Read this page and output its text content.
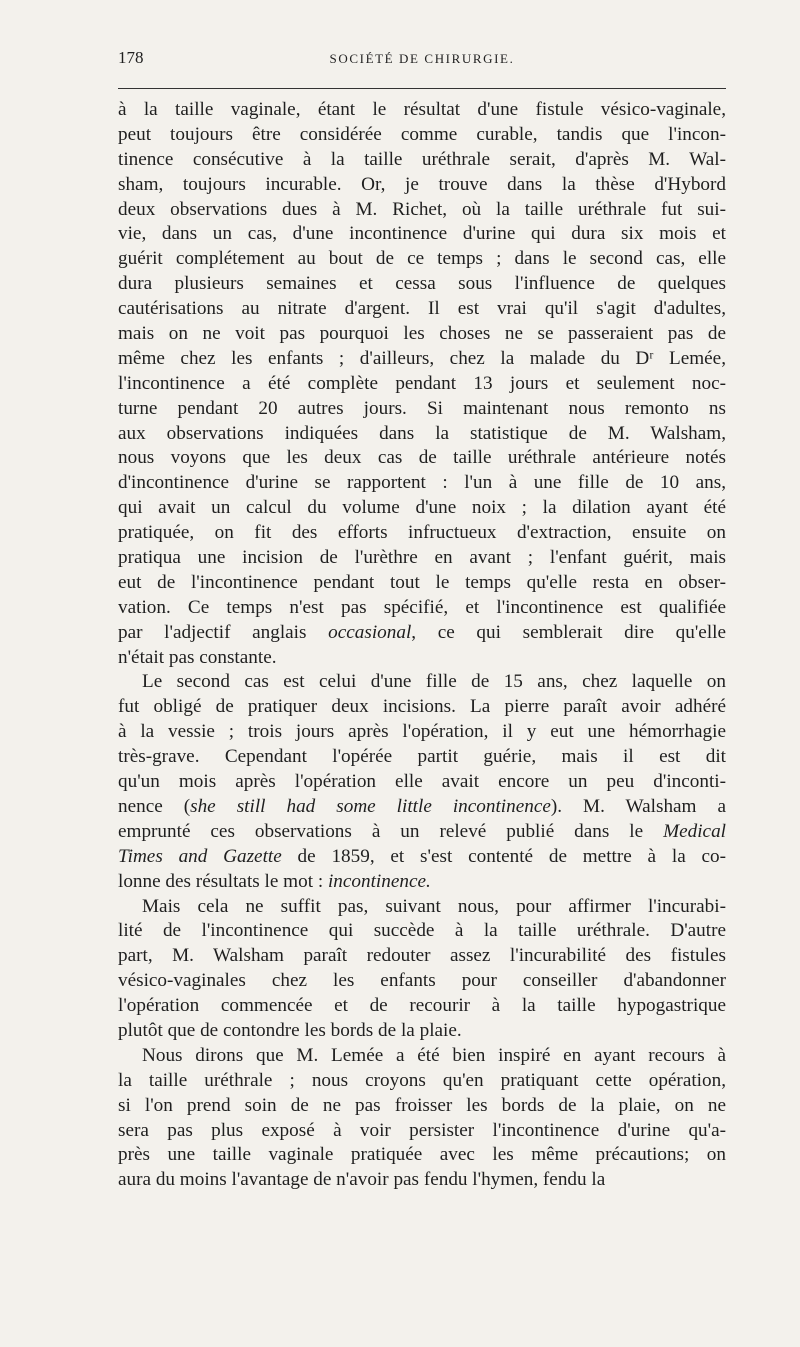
178	SOCIÉTÉ DE CHIRURGIE.
à la taille vaginale, étant le résultat d'une fistule vésico-vaginale,
peut toujours être considérée comme curable, tandis que l'incon-
tinence consécutive à la taille uréthrale serait, d'après M. Wal-
sham, toujours incurable. Or, je trouve dans la thèse d'Hybord
deux observations dues à M. Richet, où la taille uréthrale fut sui-
vie, dans un cas, d'une incontinence d'urine qui dura six mois et
guérit complétement au bout de ce temps ; dans le second cas, elle
dura plusieurs semaines et cessa sous l'influence de quelques
cautérisations au nitrate d'argent. Il est vrai qu'il s'agit d'adultes,
mais on ne voit pas pourquoi les choses ne se passeraient pas de
même chez les enfants ; d'ailleurs, chez la malade du Dʳ Lemée,
l'incontinence a été complète pendant 13 jours et seulement noc-
turne pendant 20 autres jours. Si maintenant nous remonto ns
aux observations indiquées dans la statistique de M. Walsham,
nous voyons que les deux cas de taille uréthrale antérieure notés
d'incontinence d'urine se rapportent : l'un à une fille de 10 ans,
qui avait un calcul du volume d'une noix ; la dilation ayant été
pratiquée, on fit des efforts infructueux d'extraction, ensuite on
pratiqua une incision de l'urèthre en avant ; l'enfant guérit, mais
eut de l'incontinence pendant tout le temps qu'elle resta en obser-
vation. Ce temps n'est pas spécifié, et l'incontinence est qualifiée
par l'adjectif anglais occasional, ce qui semblerait dire qu'elle
n'était pas constante.
Le second cas est celui d'une fille de 15 ans, chez laquelle on
fut obligé de pratiquer deux incisions. La pierre paraît avoir adhéré
à la vessie ; trois jours après l'opération, il y eut une hémorrhagie
très-grave. Cependant l'opérée partit guérie, mais il est dit
qu'un mois après l'opération elle avait encore un peu d'inconti-
nence (she still had some little incontinence). M. Walsham a
emprunté ces observations à un relevé publié dans le Medical
Times and Gazette de 1859, et s'est contenté de mettre à la co-
lonne des résultats le mot : incontinence.
Mais cela ne suffit pas, suivant nous, pour affirmer l'incurabi-
lité de l'incontinence qui succède à la taille uréthrale. D'autre
part, M. Walsham paraît redouter assez l'incurabilité des fistules
vésico-vaginales chez les enfants pour conseiller d'abandonner
l'opération commencée et de recourir à la taille hypogastrique
plutôt que de contondre les bords de la plaie.
Nous dirons que M. Lemée a été bien inspiré en ayant recours à
la taille uréthrale ; nous croyons qu'en pratiquant cette opération,
si l'on prend soin de ne pas froisser les bords de la plaie, on ne
sera pas plus exposé à voir persister l'incontinence d'urine qu'a-
près une taille vaginale pratiquée avec les même précautions; on
aura du moins l'avantage de n'avoir pas fendu l'hymen, fendu la
